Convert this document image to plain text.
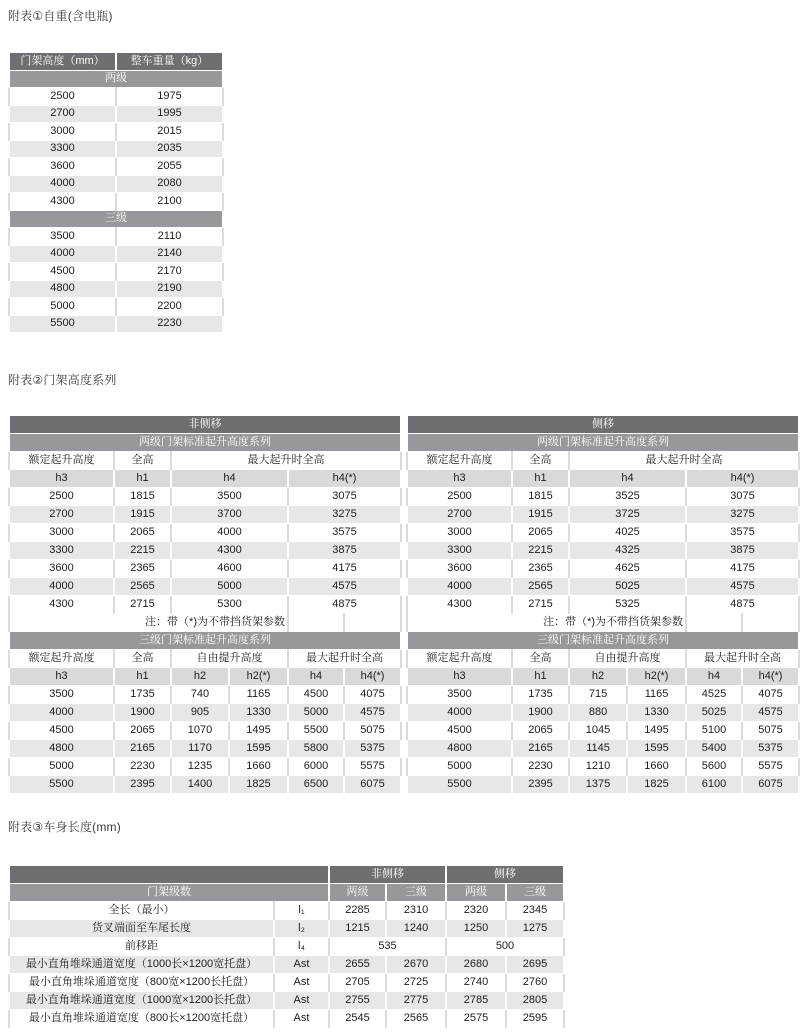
附表①自重(含电瓶)
门架高度（mm）	整车重量（kg）
两级	
2500	1975
2700	1995
3000	2015
3300	2035
3600	2055
4000	2080
4300	2100
三级	
3500	2110
4000	2140
4500	2170
4800	2190
5000	2200
5500	2230
附表②门架高度系列
非侧移					
两级门架标准起升高度系列					
额定起升高度	全高	最大起升时全高			
h3	h1	h4		h4(*)	
2500	1815	3500		3075	
2700	1915	3700		3275	
3000	2065	4000		3575	
3300	2215	4300		3875	
3600	2365	4600		4175	
4000	2565	5000		4575	
4300	2715	5300		4875	
注：带（*)为不带挡货架参数					
三级门架标准起升高度系列					
额定起升高度	全高	自由提升高度		最大起升时全高	
h3	h1	h2	h2(*)	h4	h4(*)
3500	1735	740	1165	4500	4075
4000	1900	905	1330	5000	4575
4500	2065	1070	1495	5500	5075
4800	2165	1170	1595	5800	5375
5000	2230	1235	1660	6000	5575
5500	2395	1400	1825	6500	6075
侧移					
两级门架标准起升高度系列					
额定起升高度	全高	最大起升时全高			
h3	h1	h4		h4(*)	
2500	1815	3525		3075	
2700	1915	3725		3275	
3000	2065	4025		3575	
3300	2215	4325		3875	
3600	2365	4625		4175	
4000	2565	5025		4575	
4300	2715	5325		4875	
注：带（*)为不带挡货架参数					
三级门架标准起升高度系列					
额定起升高度	全高	自由提升高度		最大起升时全高	
h3	h1	h2	h2(*)	h4	h4(*)
3500	1735	715	1165	4525	4075
4000	1900	880	1330	5025	4575
4500	2065	1045	1495	5100	5075
4800	2165	1145	1595	5400	5375
5000	2230	1210	1660	5600	5575
5500	2395	1375	1825	6100	6075
附表③车身长度(mm)
		非侧移		侧移	
门架级数		两级	三级	两级	三级
全长（最小）	l₁	2285	2310	2320	2345
货叉端面至车尾长度	l₂	1215	1240	1250	1275
前移距	l₄	535		500	
最小直角堆垛通道宽度（1000长×1200宽托盘）	Ast	2655	2670	2680	2695
最小直角堆垛通道宽度（800宽×1200长托盘）	Ast	2705	2725	2740	2760
最小直角堆垛通道宽度（1000宽×1200长托盘）	Ast	2755	2775	2785	2805
最小直角堆垛通道宽度（800长×1200宽托盘）	Ast	2545	2565	2575	2595
